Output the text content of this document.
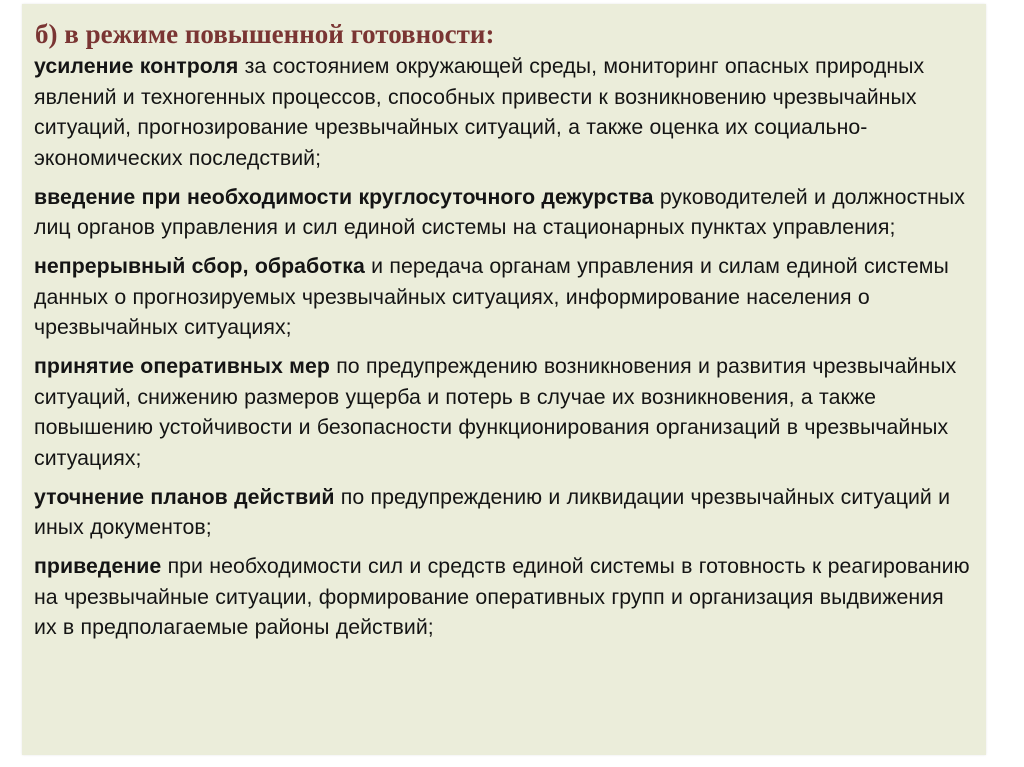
б) в режиме повышенной готовности:
усиление контроля за состоянием окружающей среды, мониторинг опасных природных явлений и техногенных процессов, способных привести к возникновению чрезвычайных ситуаций, прогнозирование чрезвычайных ситуаций, а также оценка их социально-экономических последствий;
введение при необходимости круглосуточного дежурства руководителей и должностных лиц органов управления и сил единой системы на стационарных пунктах управления;
непрерывный сбор, обработка и передача органам управления и силам единой системы данных о прогнозируемых чрезвычайных ситуациях, информирование населения о чрезвычайных ситуациях;
принятие оперативных мер по предупреждению возникновения и развития чрезвычайных ситуаций, снижению размеров ущерба и потерь в случае их возникновения, а также повышению устойчивости и безопасности функционирования организаций в чрезвычайных ситуациях;
уточнение планов действий по предупреждению и ликвидации чрезвычайных ситуаций и иных документов;
приведение при необходимости сил и средств единой системы в готовность к реагированию на чрезвычайные ситуации, формирование оперативных групп и организация выдвижения их в предполагаемые районы действий;
